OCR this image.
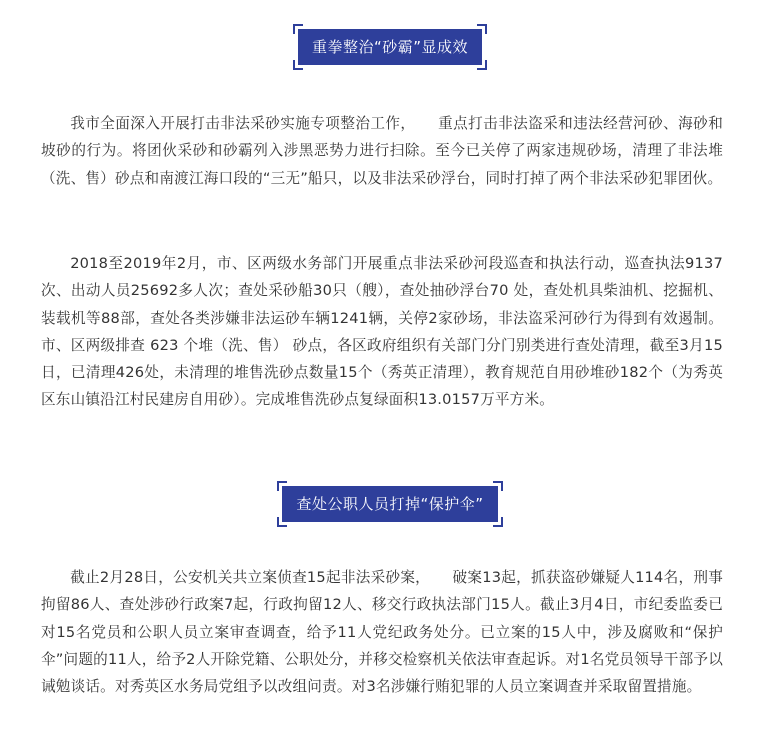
重拳整治“砂霸”显成效

我市全面深入开展打击非法采砂实施专项整治工作，　　重点打击非法盗采和违法经营河砂、海砂和坡砂的行为。将团伙采砂和砂霸列入涉黑恶势力进行扫除。至今已关停了两家违规砂场，清理了非法堆（洗、售）砂点和南渡江海口段的“三无”船只，以及非法采砂浮台，同时打掉了两个非法采砂犯罪团伙。

2018至2019年2月，市、区两级水务部门开展重点非法采砂河段巡查和执法行动，巡查执法9137次、出动人员25692多人次；查处采砂船30只（艘），查处抽砂浮台70 处，查处机具柴油机、挖掘机、装载机等88部，查处各类涉嫌非法运砂车辆1241辆，关停2家砂场，非法盗采河砂行为得到有效遏制。市、区两级排查 623 个堆（洗、售） 砂点，各区政府组织有关部门分门别类进行查处清理，截至3月15日，已清理426处，未清理的堆售洗砂点数量15个（秀英正清理），教育规范自用砂堆砂182个（为秀英区东山镇沿江村民建房自用砂）。完成堆售洗砂点复绿面积13.0157万平方米。

查处公职人员打掉“保护伞”

截止2月28日，公安机关共立案侦查15起非法采砂案，　　破案13起，抓获盗砂嫌疑人114名，刑事拘留86人、查处涉砂行政案7起，行政拘留12人、移交行政执法部门15人。截止3月4日，市纪委监委已对15名党员和公职人员立案审查调查，给予11人党纪政务处分。已立案的15人中，涉及腐败和“保护伞”问题的11人，给予2人开除党籍、公职处分，并移交检察机关依法审查起诉。对1名党员领导干部予以诫勉谈话。对秀英区水务局党组予以改组问责。对3名涉嫌行贿犯罪的人员立案调查并采取留置措施。
